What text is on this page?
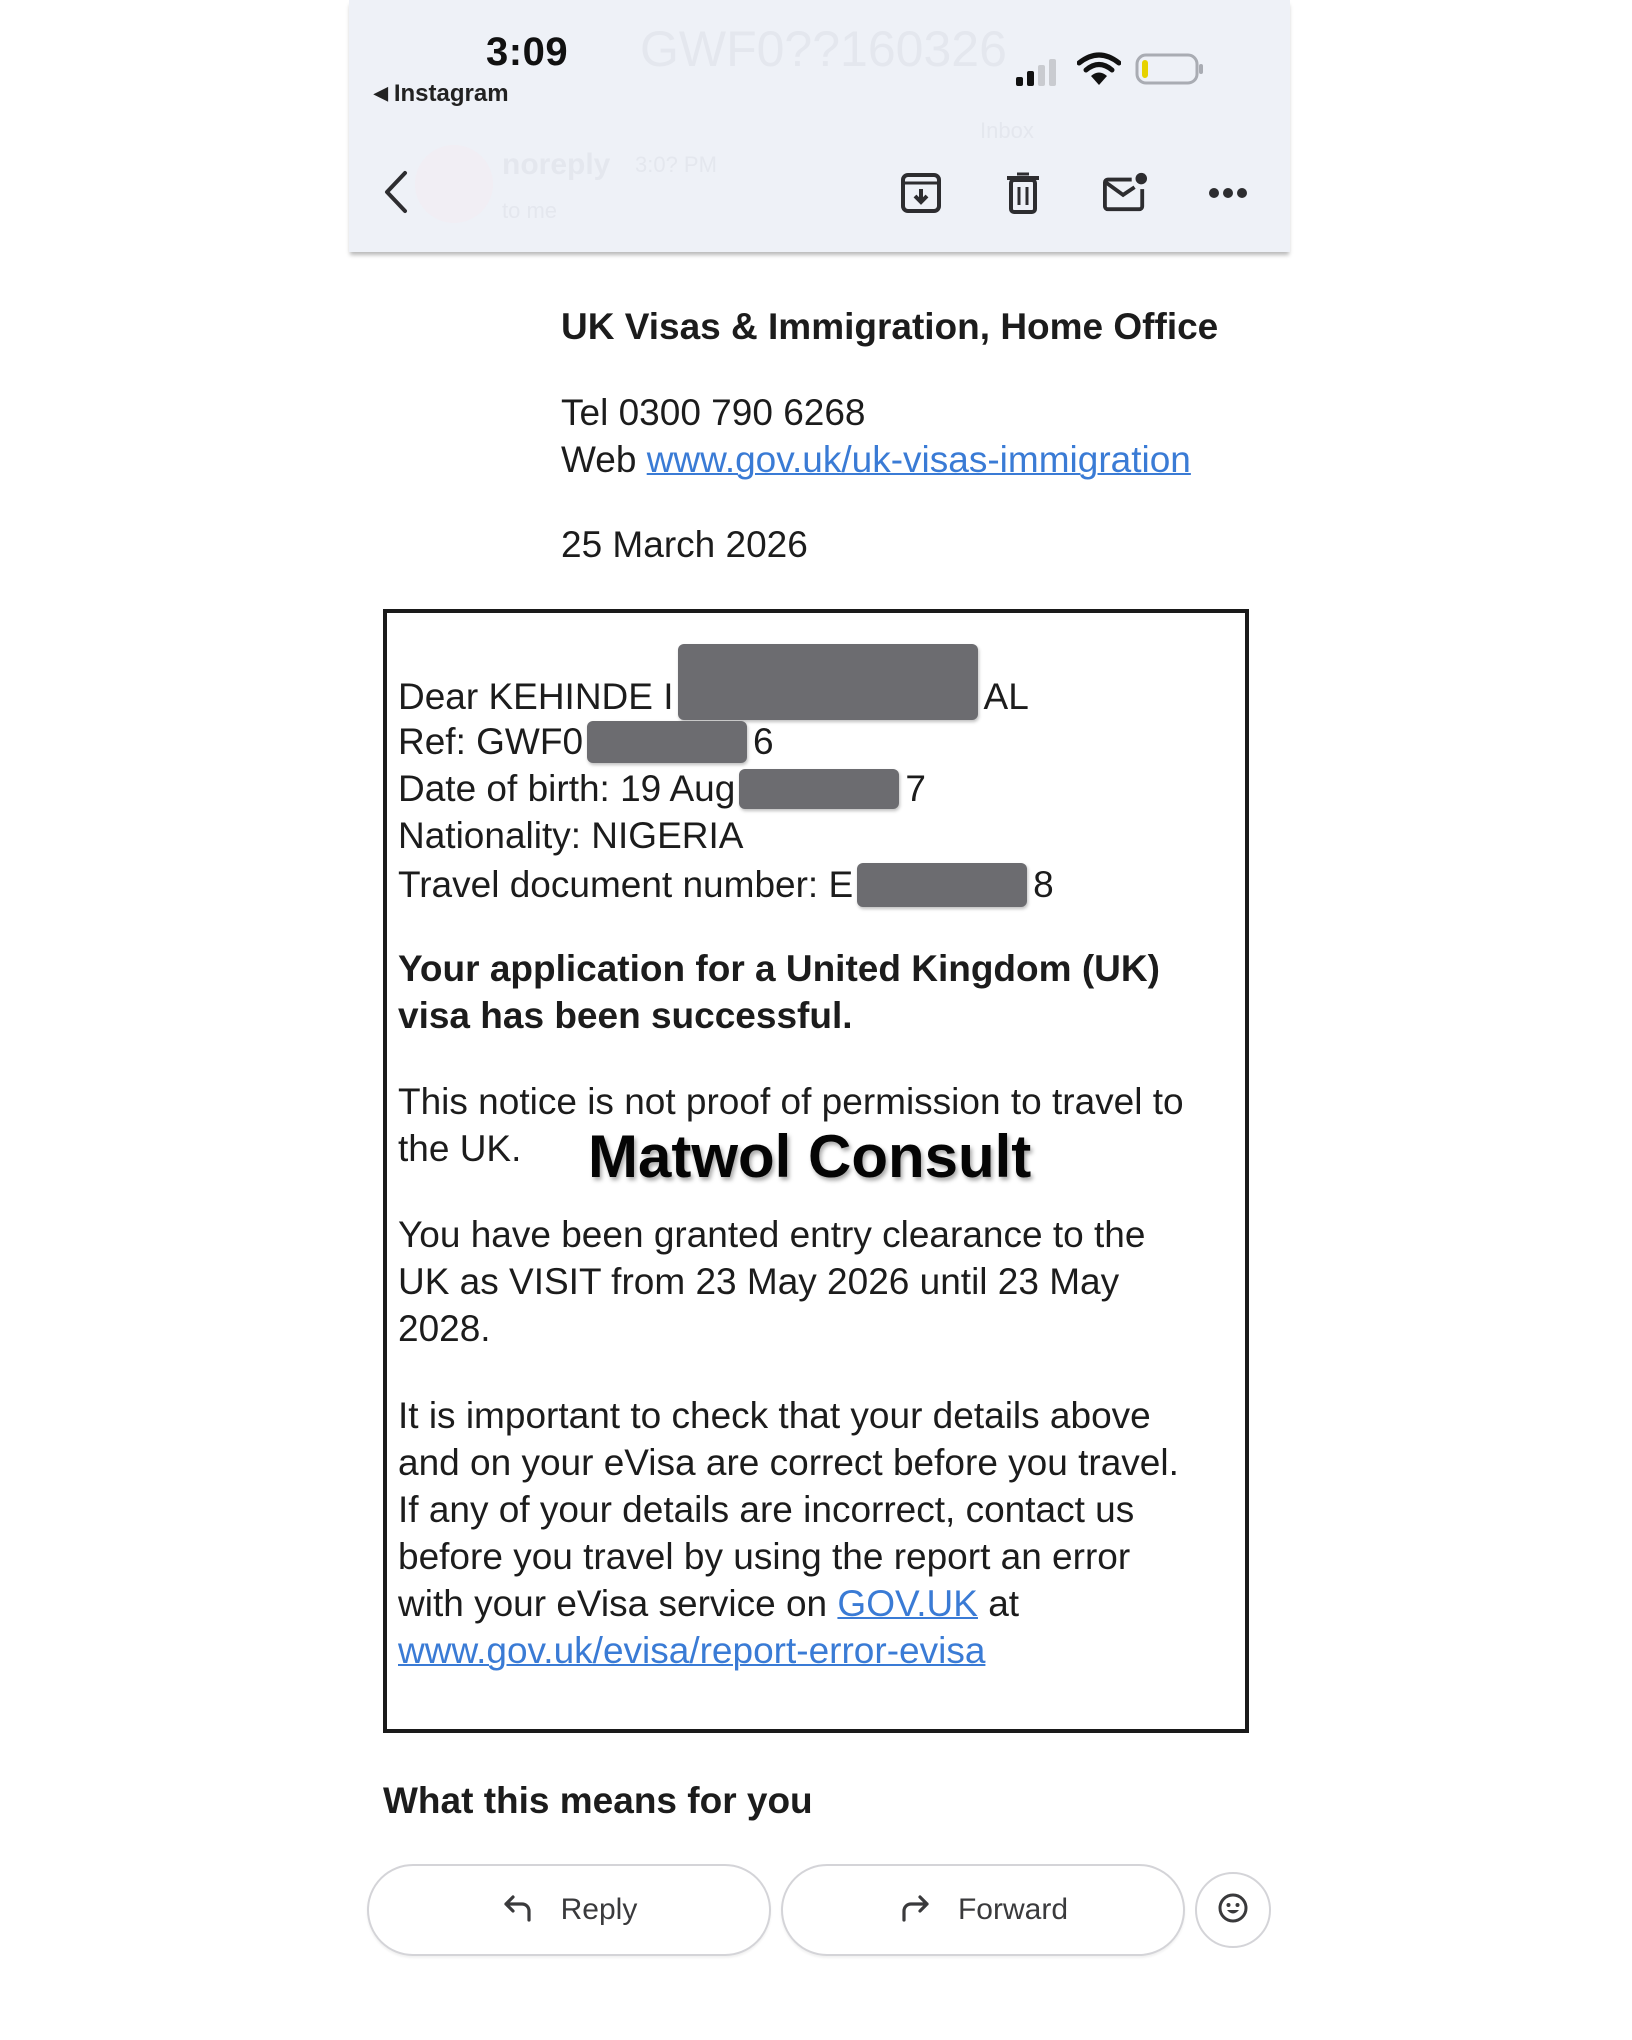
GWF0??160326
Inbox
noreply 3:0? PM
to me
3:09
◀ Instagram
UK Visas & Immigration, Home Office
Tel 0300 790 6268
Web www.gov.uk/uk-visas-immigration
25 March 2026
Dear KEHINDE I	AL
Ref: GWF0	6
Date of birth: 19 Aug	7
Nationality: NIGERIA
Travel document number: E	8
Your application for a United Kingdom (UK)
visa has been successful.
This notice is not proof of permission to travel to
the UK. Matwol Consult
You have been granted entry clearance to the
UK as VISIT from 23 May 2026 until 23 May
2028.
It is important to check that your details above
and on your eVisa are correct before you travel.
If any of your details are incorrect, contact us
before you travel by using the report an error
with your eVisa service on GOV.UK at
www.gov.uk/evisa/report-error-evisa
What this means for you
Reply	Forward
